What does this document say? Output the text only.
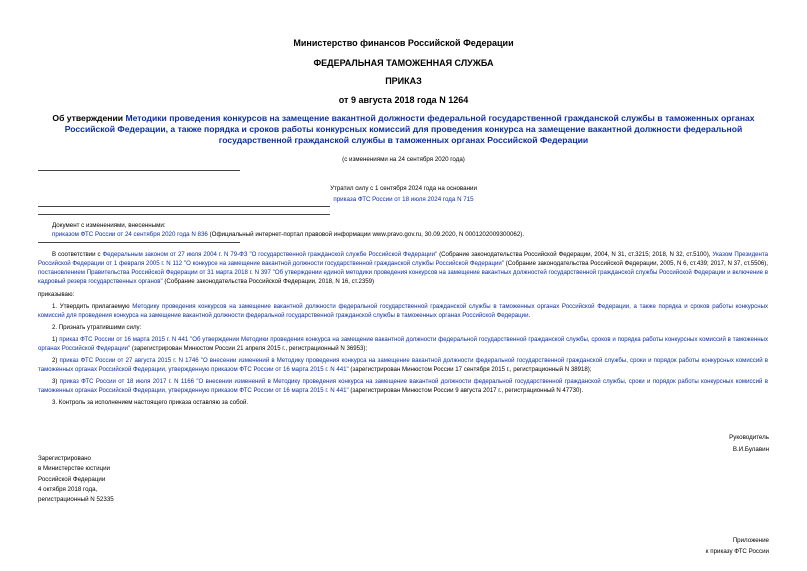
Министерство финансов Российской Федерации
ФЕДЕРАЛЬНАЯ ТАМОЖЕННАЯ СЛУЖБА
ПРИКАЗ
от 9 августа 2018 года N 1264
Об утверждении Методики проведения конкурсов на замещение вакантной должности федеральной государственной гражданской службы в таможенных органах Российской Федерации, а также порядка и сроков работы конкурсных комиссий для проведения конкурса на замещение вакантной должности федеральной государственной гражданской службы в таможенных органах Российской Федерации
(с изменениями на 24 сентября 2020 года)
Утратил силу с 1 сентября 2024 года на основании
приказа ФТС России от 18 июля 2024 года N 715
Документ с изменениями, внесенными:
приказом ФТС России от 24 сентября 2020 года N 836 (Официальный интернет-портал правовой информации www.pravo.gov.ru, 30.09.2020, N 0001202009300062).

В соответствии с Федеральным законом от 27 июля 2004 г. N 79-ФЗ "О государственной гражданской службе Российской Федерации" (Собрание законодательства Российской Федерации, 2004, N 31, ст.3215; 2018, N 32, ст.5100), Указом Президента Российской Федерации от 1 февраля 2005 г. N 112 "О конкурсе на замещение вакантной должности государственной гражданской службы Российской Федерации" (Собрание законодательства Российской Федерации, 2005, N 6, ст.439; 2017, N 37, ст.5506), постановлением Правительства Российской Федерации от 31 марта 2018 г. N 397 "Об утверждении единой методики проведения конкурсов на замещение вакантных должностей государственной гражданской службы Российской Федерации и включение в кадровый резерв государственных органов" (Собрание законодательства Российской Федерации, 2018, N 16, ст.2359)

приказываю:

1. Утвердить прилагаемую Методику проведения конкурсов на замещение вакантной должности федеральной государственной гражданской службы в таможенных органах Российской Федерации, а также порядка и сроков работы конкурсных комиссий для проведения конкурса на замещение вакантной должности федеральной государственной гражданской службы в таможенных органах Российской Федерации.

2. Признать утратившими силу:

1) приказ ФТС России от 16 марта 2015 г. N 441 "Об утверждении Методики проведения конкурса на замещение вакантной должности федеральной государственной гражданской службы, сроков и порядка работы конкурсных комиссий в таможенных органах Российской Федерации" (зарегистрирован Минюстом России 21 апреля 2015 г., регистрационный N 36953);

2) приказ ФТС России от 27 августа 2015 г. N 1746 "О внесении изменений в Методику проведения конкурса на замещение вакантной должности федеральной государственной гражданской службы, сроки и порядок работы конкурсных комиссий в таможенных органах Российской Федерации, утвержденную приказом ФТС России от 16 марта 2015 г. N 441" (зарегистрирован Минюстом России 17 сентября 2015 г., регистрационный N 38918);

3) приказ ФТС России от 18 июля 2017 г. N 1166 "О внесении изменений в Методику проведения конкурса на замещение вакантной должности федеральной государственной гражданской службы, сроки и порядок работы конкурсных комиссий в таможенных органах Российской Федерации, утвержденную приказом ФТС России от 16 марта 2015 г. N 441" (зарегистрирован Минюстом России 9 августа 2017 г., регистрационный N 47730).

3. Контроль за исполнением настоящего приказа оставляю за собой.

Руководитель
В.И.Булавин
Зарегистрировано
в Министерстве юстиции
Российской Федерации
4 октября 2018 года,
регистрационный N 52335
Приложение
к приказу ФТС России
